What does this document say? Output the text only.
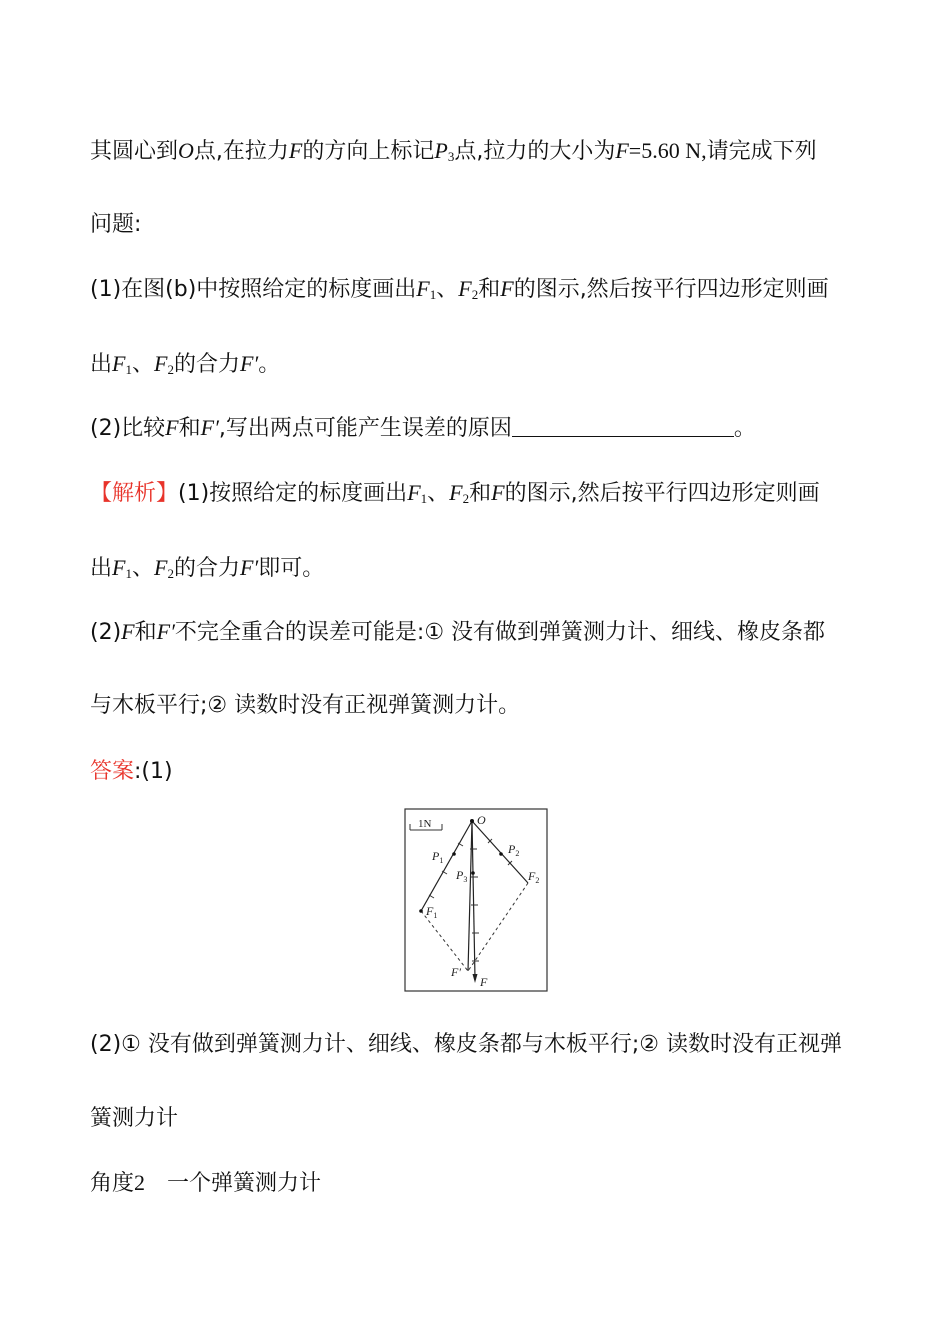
其圆心到O点,在拉力F的方向上标记$P_3$点,拉力的大小为F=5.60 N,请完成下列
问题:
(1)在图(b)中按照给定的标度画出$F_1$、$F_2$和F的图示,然后按平行四边形定则画
出$F_1$、$F_2$的合力F′。
(2)比较F和F′,写出两点可能产生误差的原因	。
【解析】(1)按照给定的标度画出$F_1$、$F_2$和F的图示,然后按平行四边形定则画
出$F_1$、$F_2$的合力F′即可。
(2)F和F′不完全重合的误差可能是:① 没有做到弹簧测力计、细线、橡皮条都
与木板平行;② 读数时没有正视弹簧测力计。
答案:(1)
1N	O
$P_1$
$P_2$
$P_3$
$F_1$
$F_2$
F′
F
(2)① 没有做到弹簧测力计、细线、橡皮条都与木板平行;② 读数时没有正视弹
簧测力计
角度2 一个弹簧测力计
